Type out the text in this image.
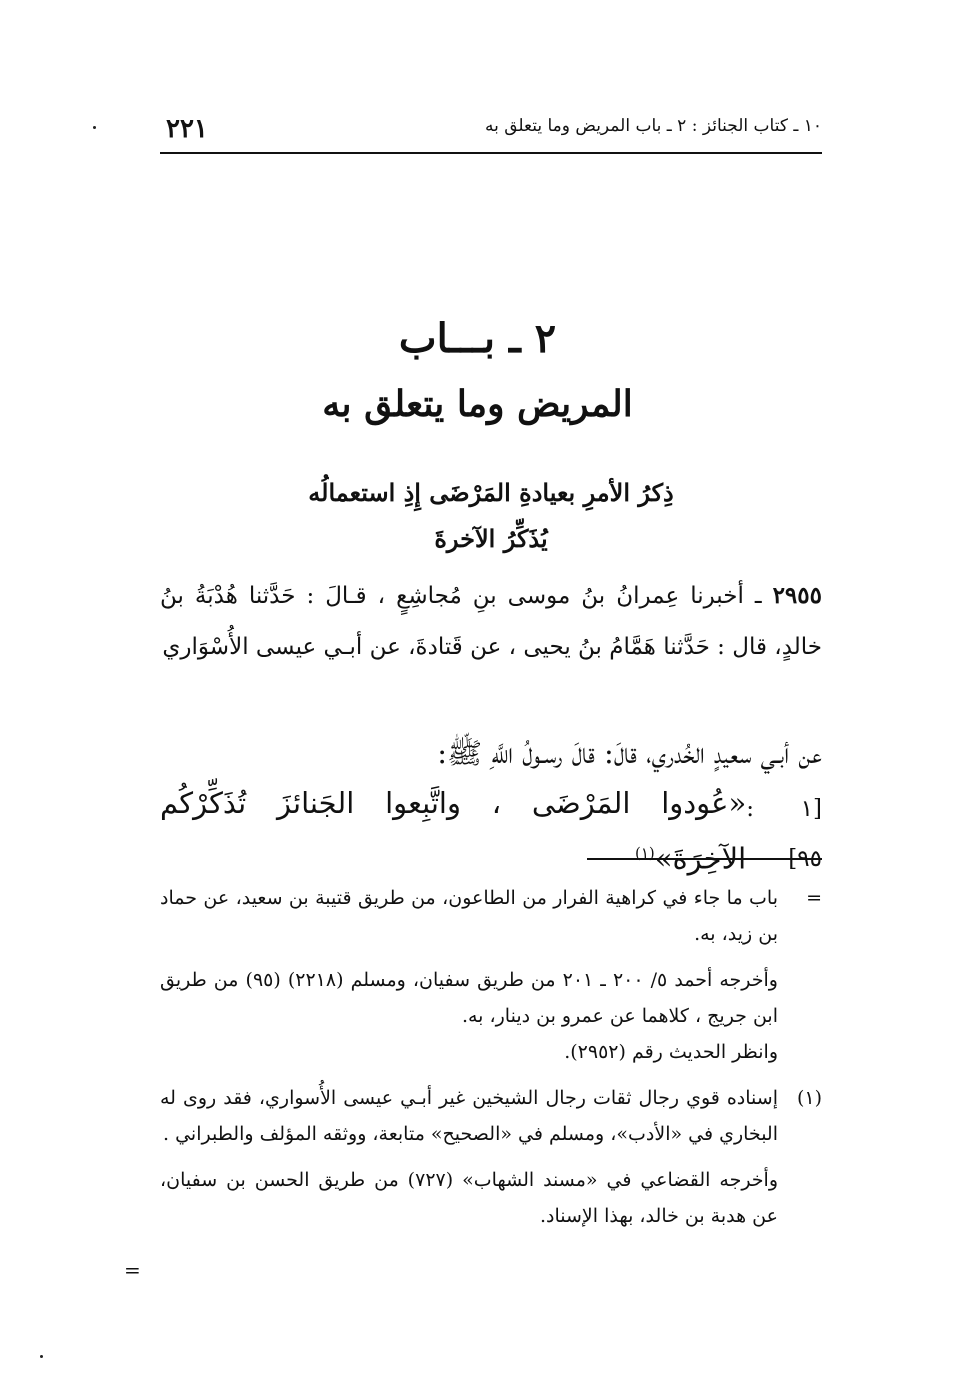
٢٢١	١٠ ـ كتاب الجنائز : ٢ ـ باب المريض وما يتعلق به
٢ ـ بـــاب
المريض وما يتعلق به
ذِكرُ الأمرِ بعيادةِ المَرْضَى إِذِ استعمالُه
يُذَكِّرُ الآخرةَ
٢٩٥٥ ـ أخبرنا عِمرانُ بنُ موسى بنِ مُجاشِعٍ ، قـالَ : حَدَّثنا هُدْبَةُ بنُ خالدٍ، قال : حَدَّثنا هَمَّامُ بنُ يحيى ، عن قَتادةَ، عن أبـي عيسى الأُسْوَاري
عن أبـي سعيدٍ الخُدري، قالَ: قالَ رسـولُ اللَّهِ ﷺ:
«عُودوا المَرْضَى ، واتَّبِعوا الجَنائزَ تُذَكِّرْكُم الآخِرَةَ»$^{(١)}$
[١ : ٩٥]
=

باب ما جاء في كراهية الفرار من الطاعون، من طريق قتيبة بن سعيد، عن حماد بن زيد، به.

وأخرجه أحمد ٥/ ٢٠٠ ـ ٢٠١ من طريق سفيان، ومسلم (٢٢١٨) (٩٥) من طريق ابن جريج ، كلاهما عن عمرو بن دينار، به.

وانظر الحديث رقم (٢٩٥٢).

(١)

إسناده قوي رجال ثقات رجال الشيخين غير أبـي عيسى الأُسواري، فقد روى له البخاري في «الأدب»، ومسلم في «الصحيح» متابعة، ووثقه المؤلف والطبراني .

وأخرجه القضاعي في «مسند الشهاب» (٧٢٧) من طريق الحسن بن سفيان، عن هدبة بن خالد، بهذا الإسناد.

=
